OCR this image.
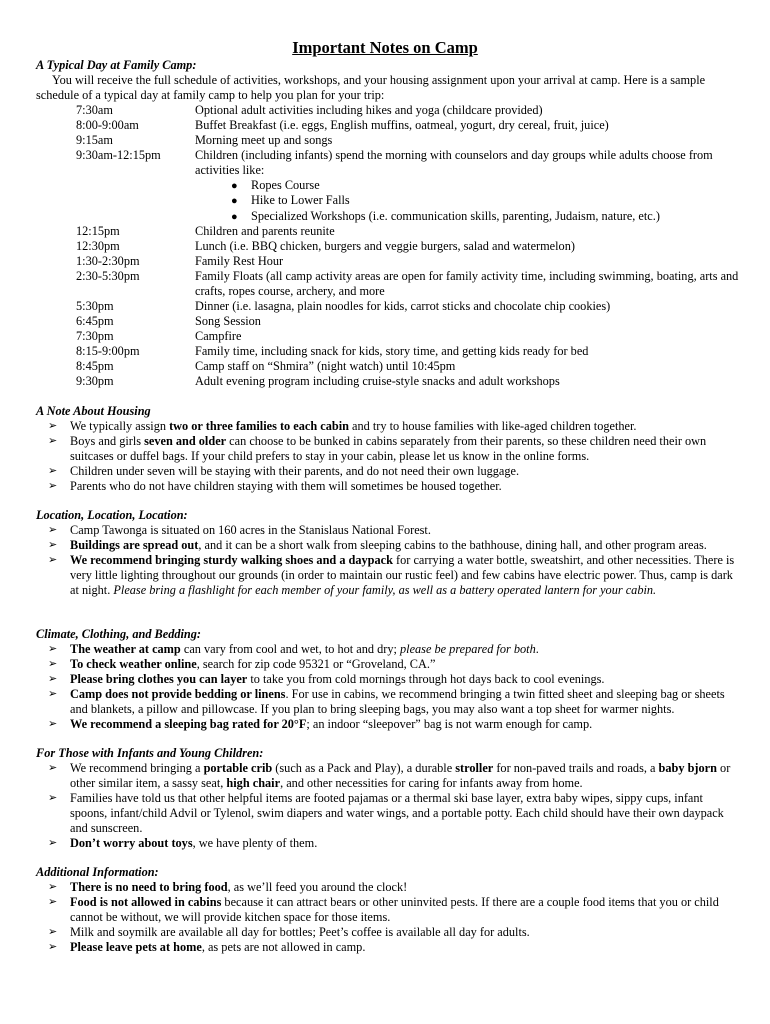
Important Notes on Camp
A Typical Day at Family Camp:
You will receive the full schedule of activities, workshops, and your housing assignment upon your arrival at camp. Here is a sample schedule of a typical day at family camp to help you plan for your trip:
7:30am	Optional adult activities including hikes and yoga (childcare provided)
8:00-9:00am	Buffet Breakfast (i.e. eggs, English muffins, oatmeal, yogurt, dry cereal, fruit, juice)
9:15am	Morning meet up and songs
9:30am-12:15pm	Children (including infants) spend the morning with counselors and day groups while adults choose from activities like:
● Ropes Course
● Hike to Lower Falls
● Specialized Workshops (i.e. communication skills, parenting, Judaism, nature, etc.)
12:15pm	Children and parents reunite
12:30pm	Lunch (i.e. BBQ chicken, burgers and veggie burgers, salad and watermelon)
1:30-2:30pm	Family Rest Hour
2:30-5:30pm	Family Floats (all camp activity areas are open for family activity time, including swimming, boating, arts and crafts, ropes course, archery, and more
5:30pm	Dinner (i.e. lasagna, plain noodles for kids, carrot sticks and chocolate chip cookies)
6:45pm	Song Session
7:30pm	Campfire
8:15-9:00pm	Family time, including snack for kids, story time, and getting kids ready for bed
8:45pm	Camp staff on “Shmira” (night watch) until 10:45pm
9:30pm	Adult evening program including cruise-style snacks and adult workshops
A Note About Housing
➢ We typically assign two or three families to each cabin and try to house families with like-aged children together.
➢ Boys and girls seven and older can choose to be bunked in cabins separately from their parents, so these children need their own suitcases or duffel bags. If your child prefers to stay in your cabin, please let us know in the online forms.
➢ Children under seven will be staying with their parents, and do not need their own luggage.
➢ Parents who do not have children staying with them will sometimes be housed together.
Location, Location, Location:
➢ Camp Tawonga is situated on 160 acres in the Stanislaus National Forest.
➢ Buildings are spread out, and it can be a short walk from sleeping cabins to the bathhouse, dining hall, and other program areas.
➢ We recommend bringing sturdy walking shoes and a daypack for carrying a water bottle, sweatshirt, and other necessities. There is very little lighting throughout our grounds (in order to maintain our rustic feel) and few cabins have electric power. Thus, camp is dark at night. Please bring a flashlight for each member of your family, as well as a battery operated lantern for your cabin.
Climate, Clothing, and Bedding:
➢ The weather at camp can vary from cool and wet, to hot and dry; please be prepared for both.
➢ To check weather online, search for zip code 95321 or “Groveland, CA.”
➢ Please bring clothes you can layer to take you from cold mornings through hot days back to cool evenings.
➢ Camp does not provide bedding or linens. For use in cabins, we recommend bringing a twin fitted sheet and sleeping bag or sheets and blankets, a pillow and pillowcase. If you plan to bring sleeping bags, you may also want a top sheet for warmer nights.
➢ We recommend a sleeping bag rated for 20°F; an indoor “sleepover” bag is not warm enough for camp.
For Those with Infants and Young Children:
➢ We recommend bringing a portable crib (such as a Pack and Play), a durable stroller for non-paved trails and roads, a baby bjorn or other similar item, a sassy seat, high chair, and other necessities for caring for infants away from home.
➢ Families have told us that other helpful items are footed pajamas or a thermal ski base layer, extra baby wipes, sippy cups, infant spoons, infant/child Advil or Tylenol, swim diapers and water wings, and a portable potty. Each child should have their own daypack and sunscreen.
➢ Don’t worry about toys, we have plenty of them.
Additional Information:
➢ There is no need to bring food, as we’ll feed you around the clock!
➢ Food is not allowed in cabins because it can attract bears or other uninvited pests. If there are a couple food items that you or child cannot be without, we will provide kitchen space for those items.
➢ Milk and soymilk are available all day for bottles; Peet’s coffee is available all day for adults.
➢ Please leave pets at home, as pets are not allowed in camp.
